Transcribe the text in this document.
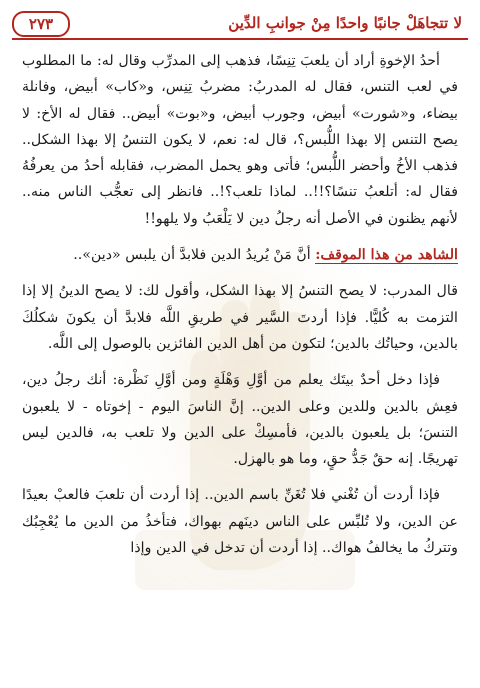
لا تتجاهَلْ جانبًا واحدًا مِنْ جوانبِ الدِّين
٢٧٣

أحدُ الإخوةِ أراد أن يلعبَ تِنِسًا، فذهب إلى المدرِّب وقال له: ما المطلوب في لعب التنس، فقال له المدربُ: مضربُ تِنِس، و«كاب» أبيض، وفانلة بيضاء، و«شورت» أبيض، وجورب أبيض، و«بوت» أبيض.. فقال له الأخ: لا يصح التنس إلا بهذا اللُّبس؟، قال له: نعم، لا يكون التنسُ إلا بهذا الشكل.. فذهب الأخُ وأحضر اللُّبس؛ فأتى وهو يحمل المضرب، فقابله أحدُ من يعرفُهُ فقال له: أتلعبُ تنسًا؟!!.. لماذا تلعب؟!.. فانظر إلى تعجُّب الناس منه.. لأنهم يظنون في الأصل أنه رجلُ دين لا يَلْعَبُ ولا يلهو!!

الشاهد من هذا الموقف: أنَّ مَنْ يُريدُ الدين فلابدَّ أن يلبس «دين»..

قال المدرب: لا يصح التنسُ إلا بهذا الشكل، وأقول لك: لا يصح الدينُ إلا إذا التزمت به كُليًّا. فإذا أردتَ السَّير في طريقِ اللَّه فلابدَّ أن يكونَ شكلُكَ بالدين، وحياتُك بالدين؛ لتكون من أهل الدين الفائزين بالوصول إلى اللَّه.

فإذا دخل أحدٌ بيتَك يعلم من أوَّلِ وَهْلَةٍ ومن أوَّلِ نَظْرة: أنك رجلُ دين، فعِش بالدين وللدين وعلى الدين.. إنَّ الناسَ اليوم - إخوتاه - لا يلعبون التنسَ؛ بل يلعبون بالدين، فأمسِكْ على الدين ولا تلعب به، فالدين ليس تهريجًا. إنه حقٌ جَدُّ حقٍ، وما هو بالهزل.

فإذا أردت أن تُغْني فلا تُغَنِّ باسم الدين.. إذا أردت أن تلعبَ فالعبْ بعيدًا عن الدين، ولا تُلبِّس على الناس دينَهم بهواك، فتأخذُ من الدين ما يُعْجِبُك وتتركُ ما يخالفُ هواك.. إذا أردت أن تدخل في الدين وإذا
